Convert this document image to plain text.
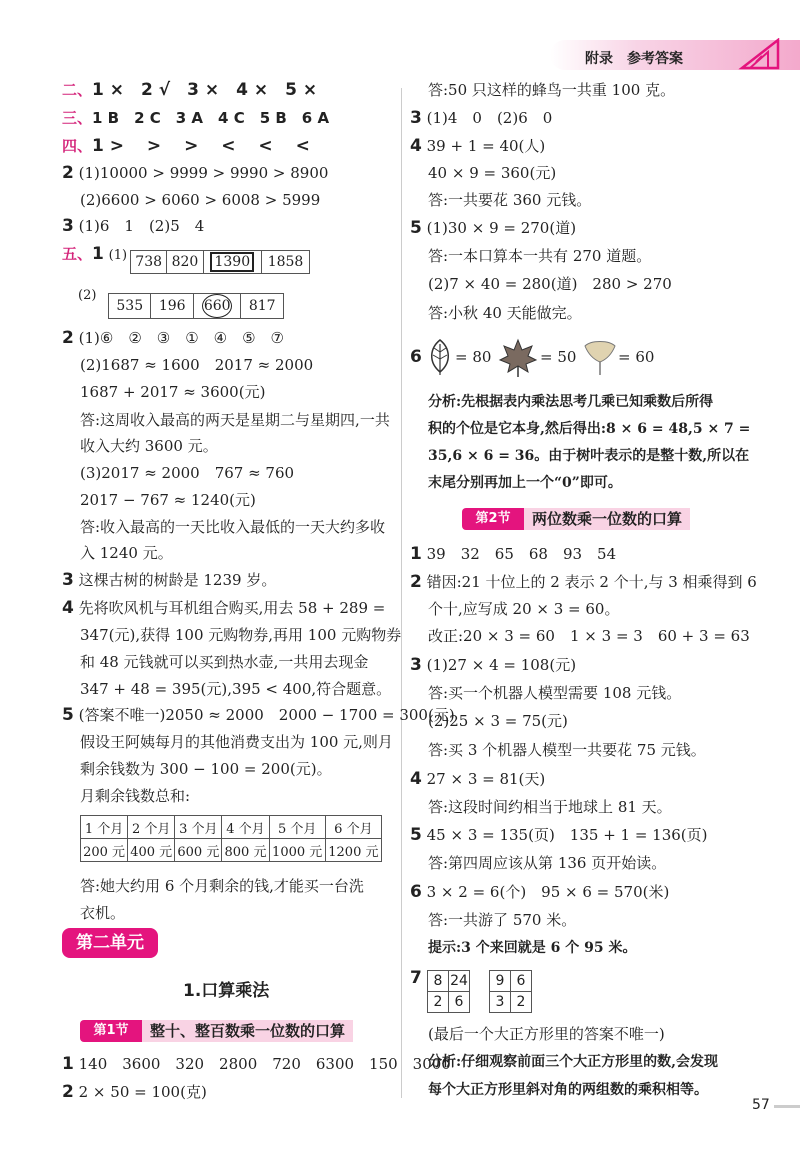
附录　参考答案
二、1 ×　2 √　3 ×　4 ×　5 ×
三、1 B　2 C　3 A　4 C　5 B　6 A
四、1 >　 >　 >　 <　 <　 <
2 (1)10000 > 9999 > 9990 > 8900
(2)6600 > 6060 > 6008 > 5999
3 (1)6　1　(2)5　4
五、1 (1) 738	820	1390	1858
(2)
535	196	660	817
2 (1)⑥　②　③　①　④　⑤　⑦
(2)1687 ≈ 1600　2017 ≈ 2000
1687 + 2017 ≈ 3600(元)
答:这周收入最高的两天是星期二与星期四,一共
收入大约 3600 元。
(3)2017 ≈ 2000　767 ≈ 760
2017 − 767 ≈ 1240(元)
答:收入最高的一天比收入最低的一天大约多收
入 1240 元。
3 这棵古树的树龄是 1239 岁。
4 先将吹风机与耳机组合购买,用去 58 + 289 =
347(元),获得 100 元购物券,再用 100 元购物券
和 48 元钱就可以买到热水壶,一共用去现金
347 + 48 = 395(元),395 < 400,符合题意。
5 (答案不唯一)2050 ≈ 2000　2000 − 1700 = 300(元)
假设王阿姨每月的其他消费支出为 100 元,则月
剩余钱数为 300 − 100 = 200(元)。
月剩余钱数总和:
1 个月	2 个月	3 个月	4 个月	5 个月	6 个月
200 元	400 元	600 元	800 元	1000 元	1200 元
答:她大约用 6 个月剩余的钱,才能买一台洗
衣机。
第二单元
1.口算乘法
第1节	整十、整百数乘一位数的口算
1 140　3600　320　2800　720　6300　150　3000
2 2 × 50 = 100(克)
答:50 只这样的蜂鸟一共重 100 克。
3 (1)4　0　(2)6　0
4 39 + 1 = 40(人)
40 × 9 = 360(元)
答:一共要花 360 元钱。
5 (1)30 × 9 = 270(道)
答:一本口算本一共有 270 道题。
(2)7 × 40 = 280(道)　280 > 270
答:小秋 40 天能做完。
6 = 80	= 50	= 60
分析:先根据表内乘法思考几乘已知乘数后所得
积的个位是它本身,然后得出:8 × 6 = 48,5 × 7 =
35,6 × 6 = 36。由于树叶表示的是整十数,所以在
末尾分别再加上一个“0”即可。
第2节	两位数乘一位数的口算
1 39　32　65　68　93　54
2 错因:21 十位上的 2 表示 2 个十,与 3 相乘得到 6
个十,应写成 20 × 3 = 60。
改正:20 × 3 = 60　1 × 3 = 3　60 + 3 = 63
3 (1)27 × 4 = 108(元)
答:买一个机器人模型需要 108 元钱。
(2)25 × 3 = 75(元)
答:买 3 个机器人模型一共要花 75 元钱。
4 27 × 3 = 81(天)
答:这段时间约相当于地球上 81 天。
5 45 × 3 = 135(页)　135 + 1 = 136(页)
答:第四周应该从第 136 页开始读。
6 3 × 2 = 6(个)　95 × 6 = 570(米)
答:一共游了 570 米。
提示:3 个来回就是 6 个 95 米。
7 8	24
2	6
9	6
3	2
(最后一个大正方形里的答案不唯一)
分析:仔细观察前面三个大正方形里的数,会发现
每个大正方形里斜对角的两组数的乘积相等。
57
